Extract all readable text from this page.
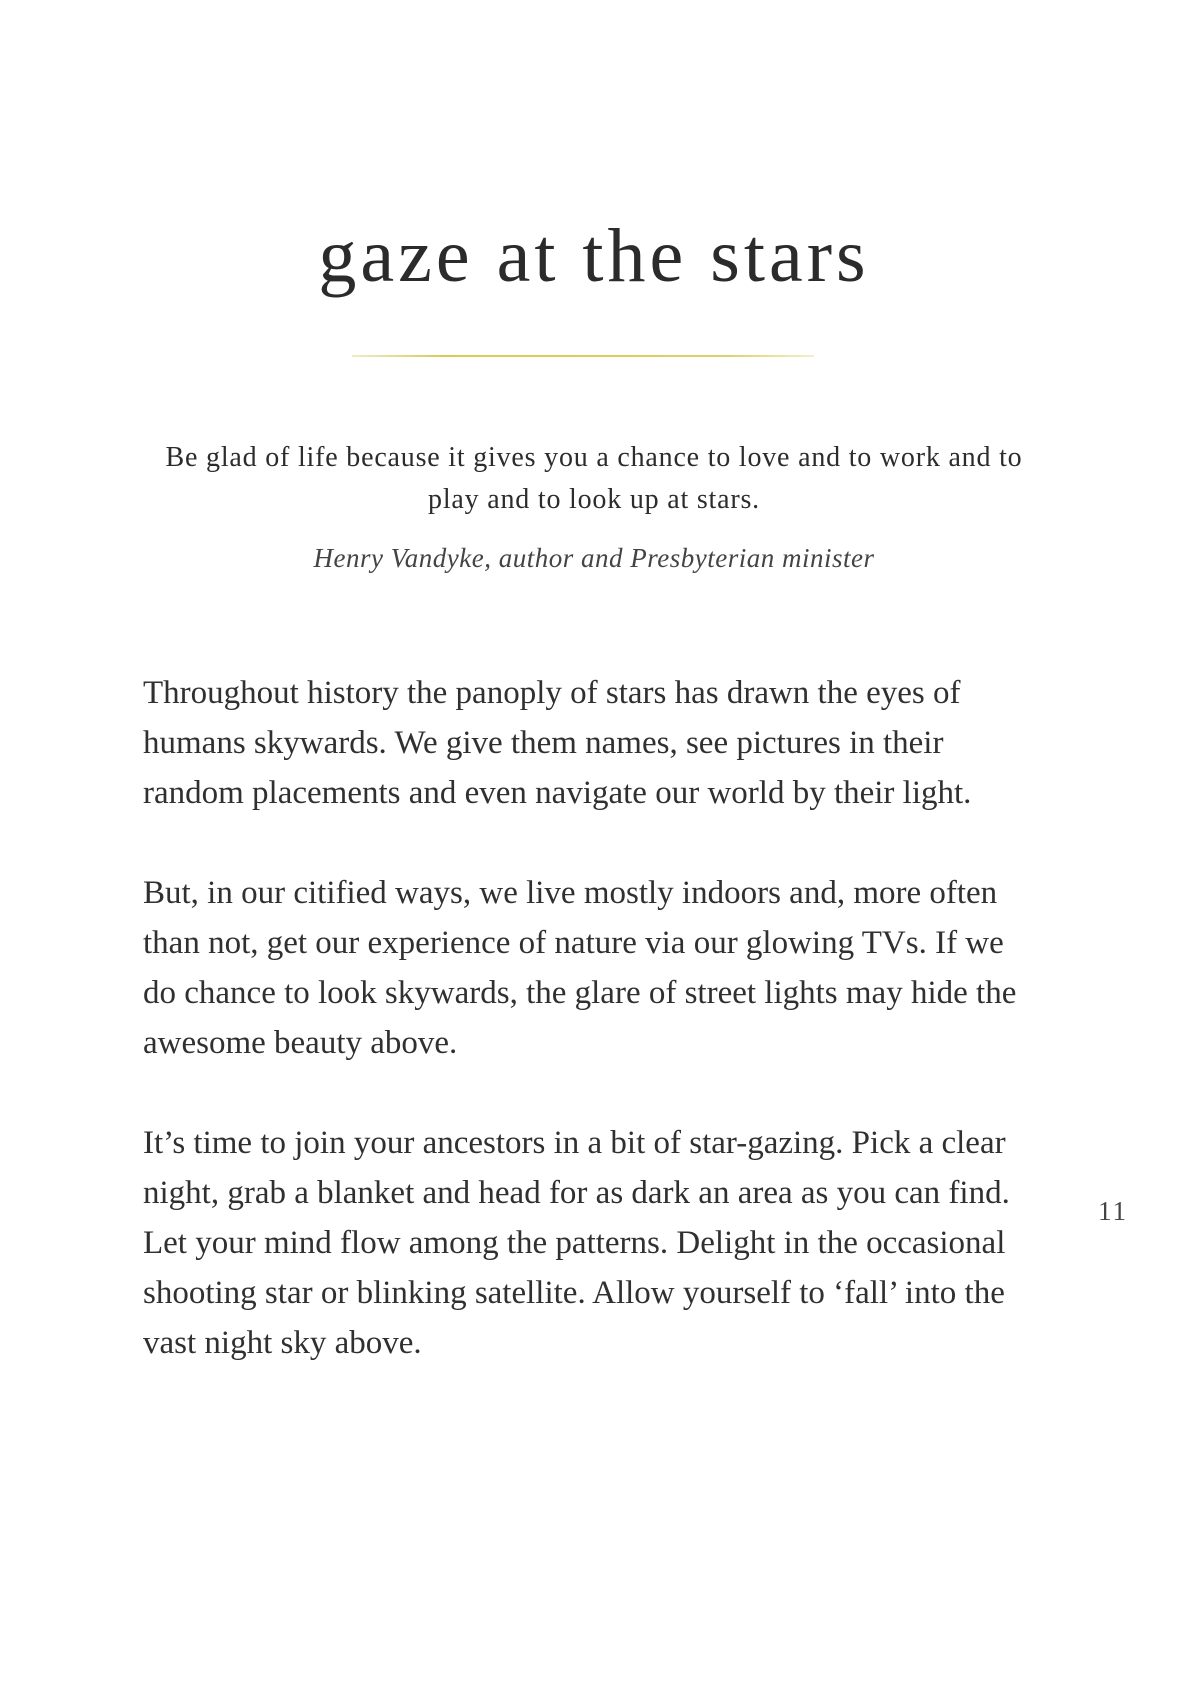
gaze at the stars
Be glad of life because it gives you a chance to love and to work and to play and to look up at stars.
Henry Vandyke, author and Presbyterian minister

Throughout history the panoply of stars has drawn the eyes of humans skywards. We give them names, see pictures in their random placements and even navigate our world by their light.

But, in our citified ways, we live mostly indoors and, more often than not, get our experience of nature via our glowing TVs. If we do chance to look skywards, the glare of street lights may hide the awesome beauty above.

It’s time to join your ancestors in a bit of star-gazing. Pick a clear night, grab a blanket and head for as dark an area as you can find. Let your mind flow among the patterns. Delight in the occasional shooting star or blinking satellite. Allow yourself to ‘fall’ into the vast night sky above.

11
